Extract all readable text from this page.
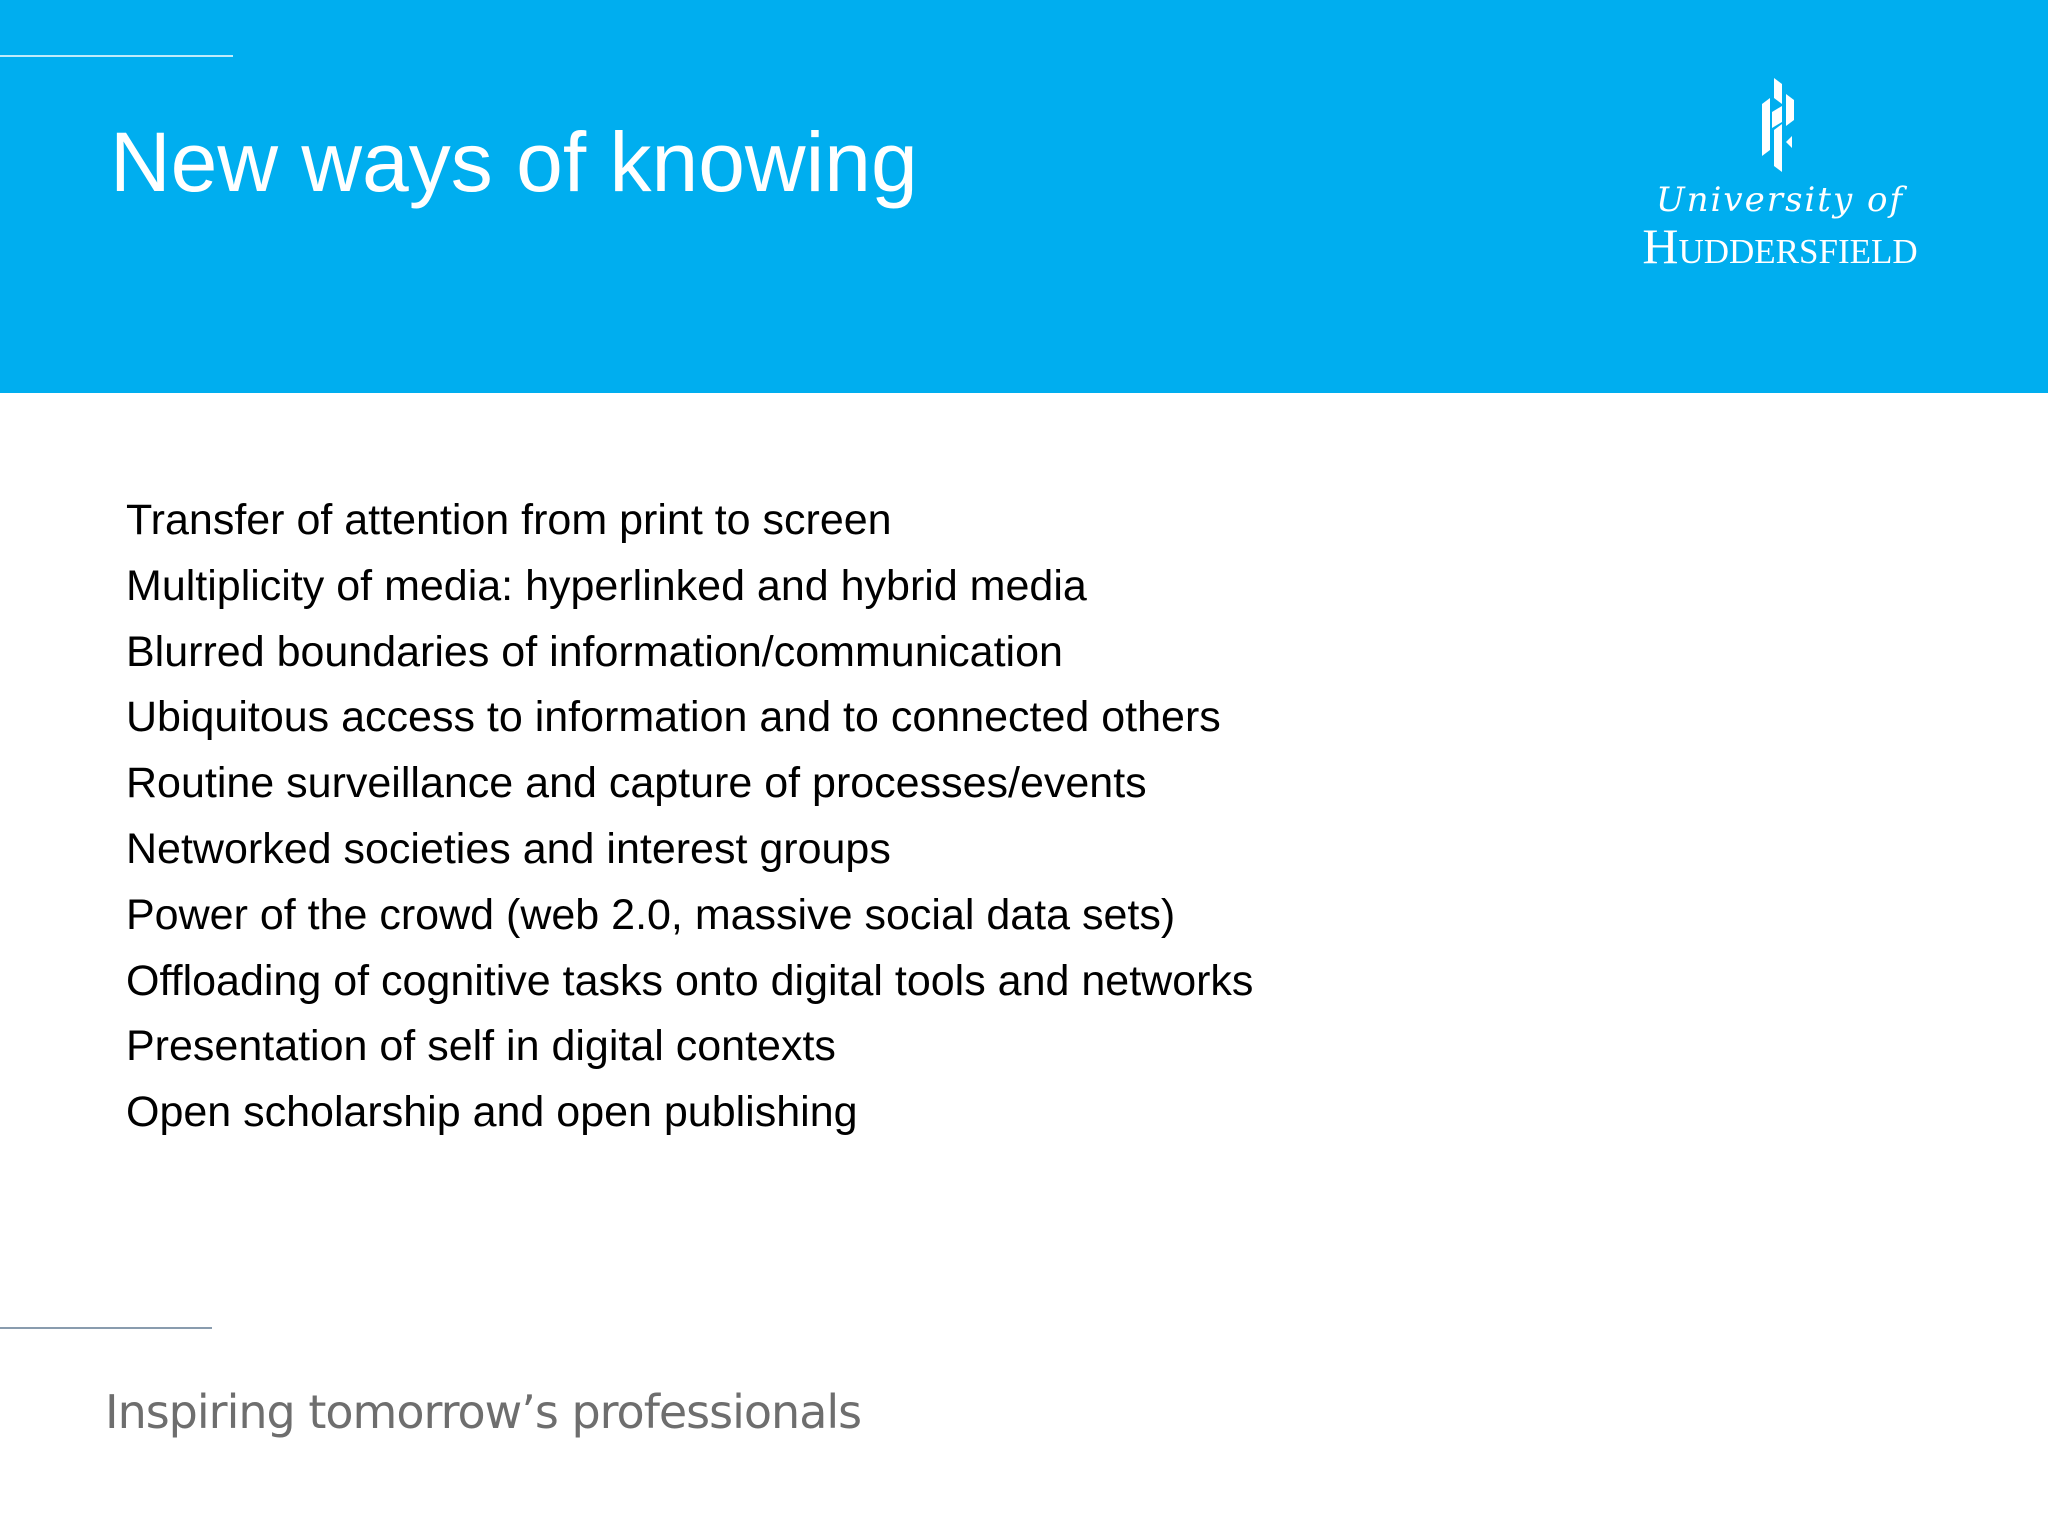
New ways of knowing	University of
Huddersfield
Transfer of attention from print to screen
Multiplicity of media: hyperlinked and hybrid media
Blurred boundaries of information/communication
Ubiquitous access to information and to connected others
Routine surveillance and capture of processes/events
Networked societies and interest groups
Power of the crowd (web 2.0, massive social data sets)
Offloading of cognitive tasks onto digital tools and networks
Presentation of self in digital contexts
Open scholarship and open publishing
Inspiring tomorrow’s professionals
